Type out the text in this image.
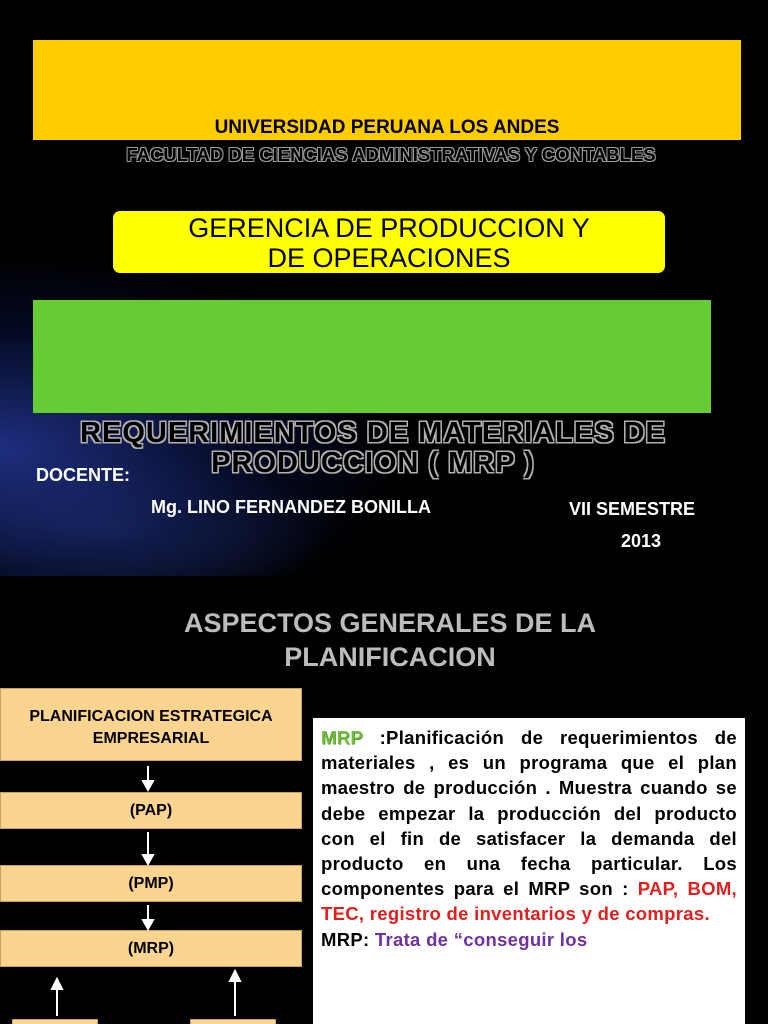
UNIVERSIDAD PERUANA LOS ANDES
FACULTAD DE CIENCIAS ADMINISTRATIVAS Y CONTABLES
GERENCIA DE PRODUCCION Y
DE OPERACIONES
REQUERIMIENTOS DE MATERIALES DE
PRODUCCION ( MRP )
DOCENTE:
Mg. LINO FERNANDEZ BONILLA	VII SEMESTRE
2013
ASPECTOS GENERALES DE LA
PLANIFICACION
PLANIFICACION ESTRATEGICA
EMPRESARIAL
(PAP)
(PMP)
(MRP)

MRP :Planificación de requerimientos de materiales , es un programa que el plan maestro de producción . Muestra cuando se debe empezar la producción del producto con el fin de satisfacer la demanda del producto en una fecha particular. Los componentes para el MRP son : PAP, BOM, TEC, registro de inventarios y de compras.

MRP: Trata de “conseguir los
